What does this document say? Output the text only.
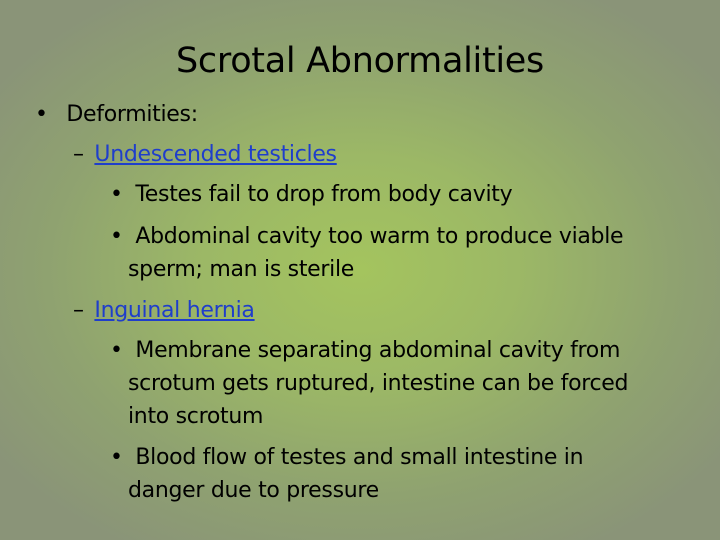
Scrotal Abnormalities
• Deformities:
– Undescended testicles
• Testes fail to drop from body cavity
• Abdominal cavity too warm to produce viable
sperm; man is sterile
– Inguinal hernia
• Membrane separating abdominal cavity from
scrotum gets ruptured, intestine can be forced
into scrotum
• Blood flow of testes and small intestine in
danger due to pressure
